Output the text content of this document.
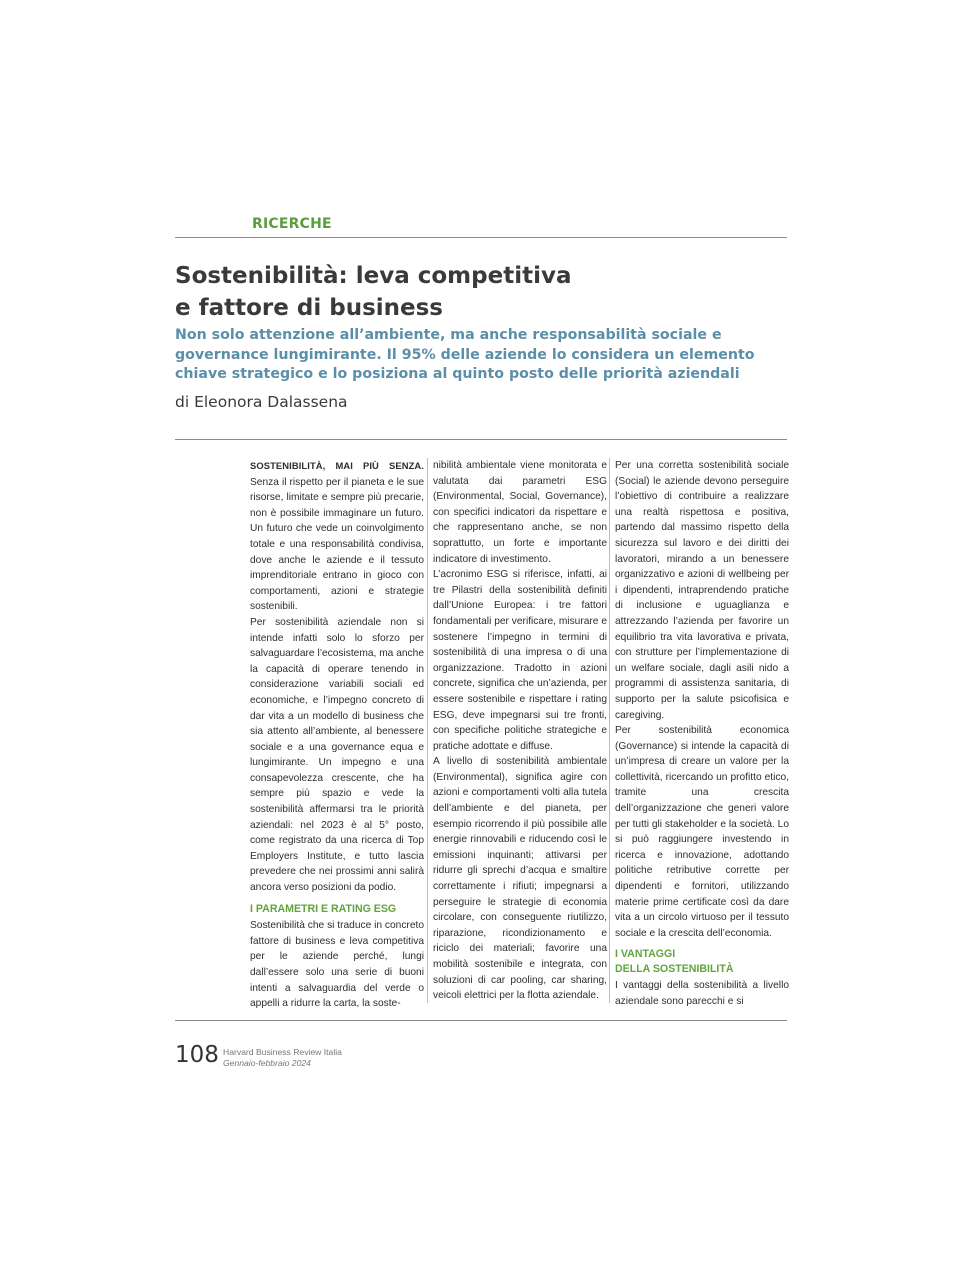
RICERCHE
Sostenibilità: leva competitiva
e fattore di business

Non solo attenzione all’ambiente, ma anche responsabilità sociale e governance lungimirante. Il 95% delle aziende lo considera un elemento chiave strategico e lo posiziona al quinto posto delle priorità aziendali

di Eleonora Dalassena

SOSTENIBILITÀ, MAI PIÙ SENZA. Senza il rispetto per il pianeta e le sue risorse, limitate e sempre più precarie, non è possibile immaginare un futuro. Un futuro che vede un coinvolgimento totale e una responsabilità condivisa, dove anche le aziende e il tessuto imprenditoriale entrano in gioco con comportamenti, azioni e strategie sostenibili.

Per sostenibilità aziendale non si intende infatti solo lo sforzo per salvaguardare l’ecosistema, ma anche la capacità di operare tenendo in considerazione variabili sociali ed economiche, e l’impegno concreto di dar vita a un modello di business che sia attento all’ambiente, al benessere sociale e a una governance equa e lungimirante. Un impegno e una consapevolezza crescente, che ha sempre più spazio e vede la sostenibilità affermarsi tra le priorità aziendali: nel 2023 è al 5° posto, come registrato da una ricerca di Top Employers Institute, e tutto lascia prevedere che nei prossimi anni salirà ancora verso posizioni da podio.

I PARAMETRI E RATING ESG

Sostenibilità che si traduce in concreto fattore di business e leva competitiva per le aziende perché, lungi dall’essere solo una serie di buoni intenti a salvaguardia del verde o appelli a ridurre la carta, la soste-

nibilità ambientale viene monitorata e valutata dai parametri ESG (Environmental, Social, Governance), con specifici indicatori da rispettare e che rappresentano anche, se non soprattutto, un forte e importante indicatore di investimento.

L’acronimo ESG si riferisce, infatti, ai tre Pilastri della sostenibilità definiti dall’Unione Europea: i tre fattori fondamentali per verificare, misurare e sostenere l’impegno in termini di sostenibilità di una impresa o di una organizzazione. Tradotto in azioni concrete, significa che un’azienda, per essere sostenibile e rispettare i rating ESG, deve impegnarsi sui tre fronti, con specifiche politiche strategiche e pratiche adottate e diffuse.

A livello di sostenibilità ambientale (Environmental), significa agire con azioni e comportamenti volti alla tutela dell’ambiente e del pianeta, per esempio ricorrendo il più possibile alle energie rinnovabili e riducendo così le emissioni inquinanti; attivarsi per ridurre gli sprechi d’acqua e smaltire correttamente i rifiuti; impegnarsi a perseguire le strategie di economia circolare, con conseguente riutilizzo, riparazione, ricondizionamento e riciclo dei materiali; favorire una mobilità sostenibile e integrata, con soluzioni di car pooling, car sharing, veicoli elettrici per la flotta aziendale.

Per una corretta sostenibilità sociale (Social) le aziende devono perseguire l’obiettivo di contribuire a realizzare una realtà rispettosa e positiva, partendo dal massimo rispetto della sicurezza sul lavoro e dei diritti dei lavoratori, mirando a un benessere organizzativo e azioni di wellbeing per i dipendenti, intraprendendo pratiche di inclusione e uguaglianza e attrezzando l’azienda per favorire un equilibrio tra vita lavorativa e privata, con strutture per l’implementazione di un welfare sociale, dagli asili nido a programmi di assistenza sanitaria, di supporto per la salute psicofisica e caregiving.

Per sostenibilità economica (Governance) si intende la capacità di un’impresa di creare un valore per la collettività, ricercando un profitto etico, tramite una crescita dell’organizzazione che generi valore per tutti gli stakeholder e la società. Lo si può raggiungere investendo in ricerca e innovazione, adottando politiche retributive corrette per dipendenti e fornitori, utilizzando materie prime certificate così da dare vita a un circolo virtuoso per il tessuto sociale e la crescita dell’economia.

I VANTAGGI
DELLA SOSTENIBILITÀ

I vantaggi della sostenibilità a livello aziendale sono parecchi e si

108 Harvard Business Review Italia
Gennaio-febbraio 2024
